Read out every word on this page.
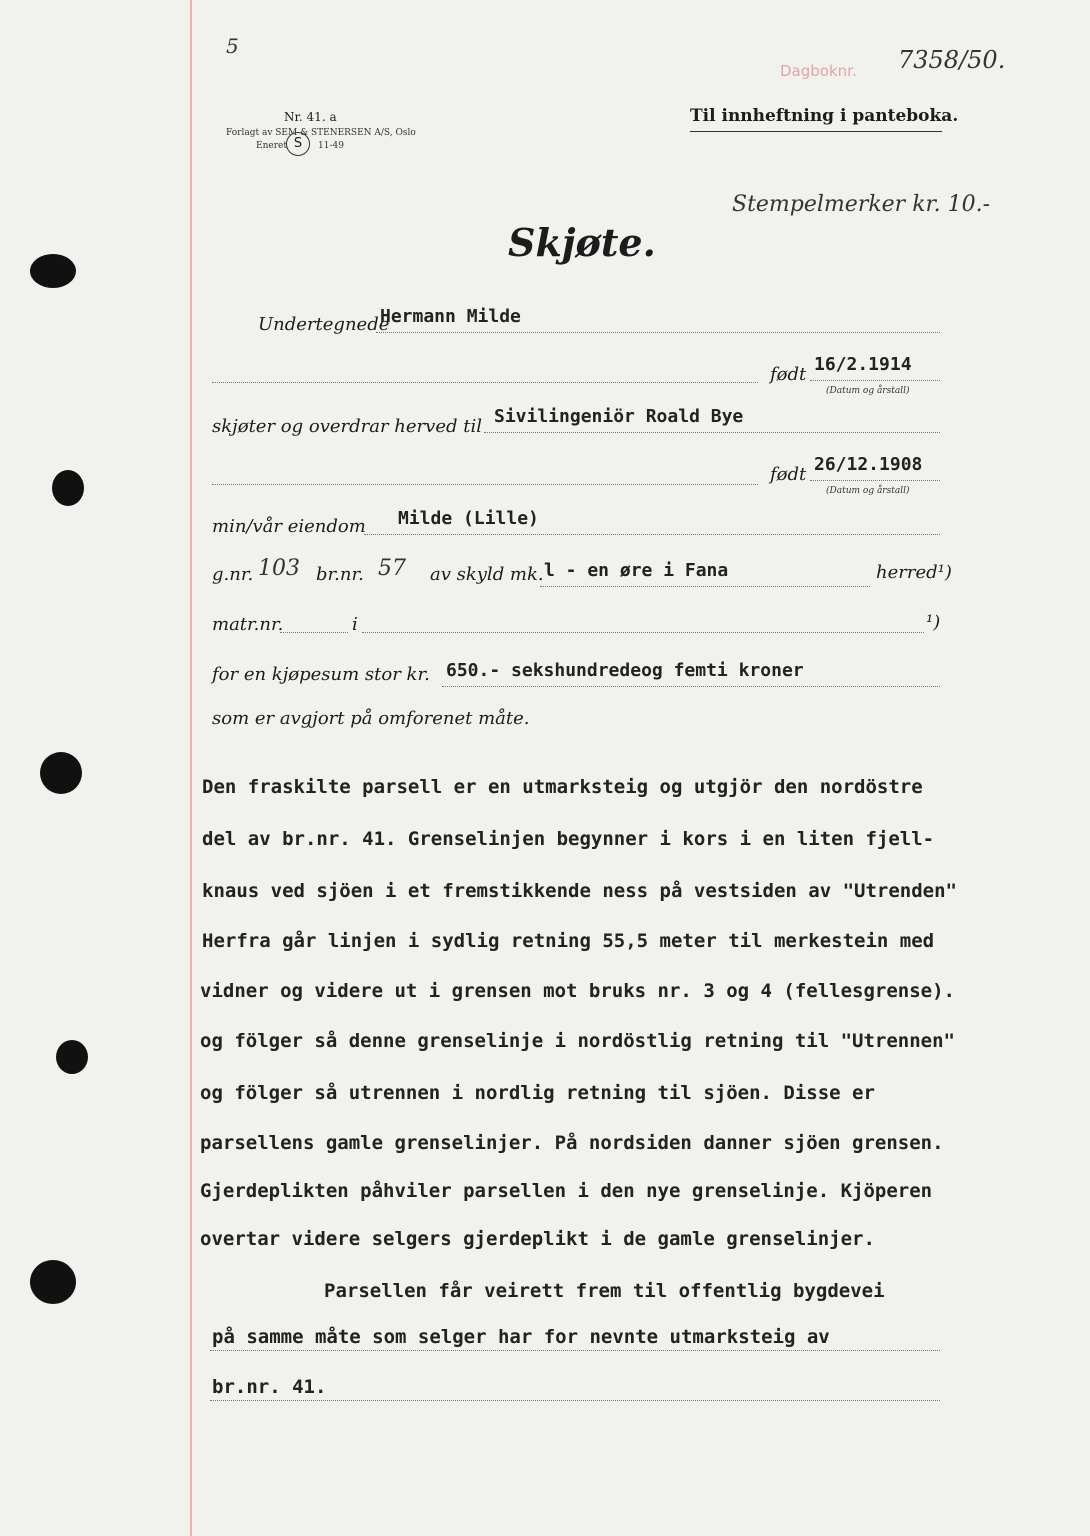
5
Dagboknr. 7358/50.
Nr. 41. a
Forlagt av SEM & STENERSEN A/S, Oslo
Eneret S	11-49
Til innheftning i panteboka.
Stempelmerker kr. 10.-
Skjøte.
Undertegnede
Hermann Milde
født 16/2.1914
(Datum og årstall)
skjøter og overdrar herved til Sivilingeniör Roald Bye
født 26/12.1908
(Datum og årstall)
min/vår eiendom Milde (Lille)
g.nr. 103 br.nr. 57 av skyld mk. l - en øre i Fana	herred¹)
matr.nr.	i	¹)
for en kjøpesum stor kr. 650.- sekshundredeog femti kroner
som er avgjort på omforenet måte.
Den fraskilte parsell er en utmarksteig og utgjör den nordöstre
del av br.nr. 41. Grenselinjen begynner i kors i en liten fjell-
knaus ved sjöen i et fremstikkende ness på vestsiden av "Utrenden"
Herfra går linjen i sydlig retning 55,5 meter til merkestein med
vidner og videre ut i grensen mot bruks nr. 3 og 4 (fellesgrense).
og fölger så denne grenselinje i nordöstlig retning til "Utrennen"
og fölger så utrennen i nordlig retning til sjöen. Disse er
parsellens gamle grenselinjer. På nordsiden danner sjöen grensen.
Gjerdeplikten påhviler parsellen i den nye grenselinje. Kjöperen
overtar videre selgers gjerdeplikt i de gamle grenselinjer.
Parsellen får veirett frem til offentlig bygdevei
på samme måte som selger har for nevnte utmarksteig av
br.nr. 41.
